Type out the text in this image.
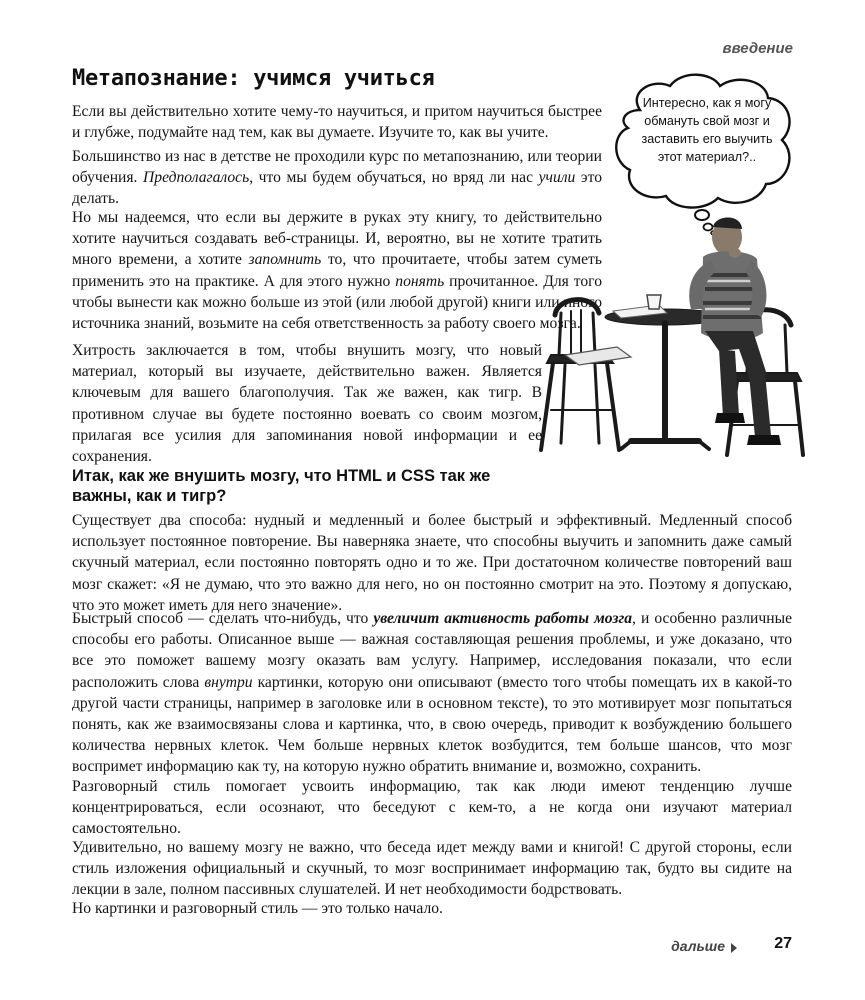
введение
Метапознание: учимся учиться

Если вы действительно хотите чему-то научиться, и притом научиться быстрее и глубже, подумайте над тем, как вы думаете. Изучите то, как вы учите.

Большинство из нас в детстве не проходили курс по метапознанию, или теории обучения. Предполагалось, что мы будем обучаться, но вряд ли нас учили это делать.

Но мы надеемся, что если вы держите в руках эту книгу, то действительно хотите научиться создавать веб-страницы. И, вероятно, вы не хотите тратить много времени, а хотите запомнить то, что прочитаете, чтобы затем суметь применить это на практике. А для этого нужно понять прочитанное. Для того чтобы вынести как можно больше из этой (или любой другой) книги или иного источника знаний, возьмите на себя ответственность за работу своего мозга.

Хитрость заключается в том, чтобы внушить мозгу, что новый материал, который вы изучаете, действительно важен. Является ключевым для вашего благополучия. Так же важен, как тигр. В противном случае вы будете постоянно воевать со своим мозгом, прилагая все усилия для запоминания новой информации и ее сохранения.

Итак, как же внушить мозгу, что HTML и CSS так же важны, как и тигр?

Существует два способа: нудный и медленный и более быстрый и эффективный. Медленный способ использует постоянное повторение. Вы наверняка знаете, что способны выучить и запомнить даже самый скучный материал, если постоянно повторять одно и то же. При достаточном количестве повторений ваш мозг скажет: «Я не думаю, что это важно для него, но он постоянно смотрит на это. Поэтому я допускаю, что это может иметь для него значение».

Быстрый способ — сделать что-нибудь, что увеличит активность работы мозга, и особенно различные способы его работы. Описанное выше — важная составляющая решения проблемы, и уже доказано, что все это поможет вашему мозгу оказать вам услугу. Например, исследования показали, что если расположить слова внутри картинки, которую они описывают (вместо того чтобы помещать их в какой-то другой части страницы, например в заголовке или в основном тексте), то это мотивирует мозг попытаться понять, как же взаимосвязаны слова и картинка, что, в свою очередь, приводит к возбуждению большего количества нервных клеток. Чем больше нервных клеток возбудится, тем больше шансов, что мозг воспримет информацию как ту, на которую нужно обратить внимание и, возможно, сохранить.

Разговорный стиль помогает усвоить информацию, так как люди имеют тенденцию лучше концентрироваться, если осознают, что беседуют с кем-то, а не когда они изучают материал самостоятельно.

Удивительно, но вашему мозгу не важно, что беседа идет между вами и книгой! С другой стороны, если стиль изложения официальный и скучный, то мозг воспринимает информацию так, будто вы сидите на лекции в зале, полном пассивных слушателей. И нет необходимости бодрствовать.

Но картинки и разговорный стиль — это только начало.

Интересно, как я могу обмануть свой мозг и заставить его выучить этот материал?..
дальше	27
